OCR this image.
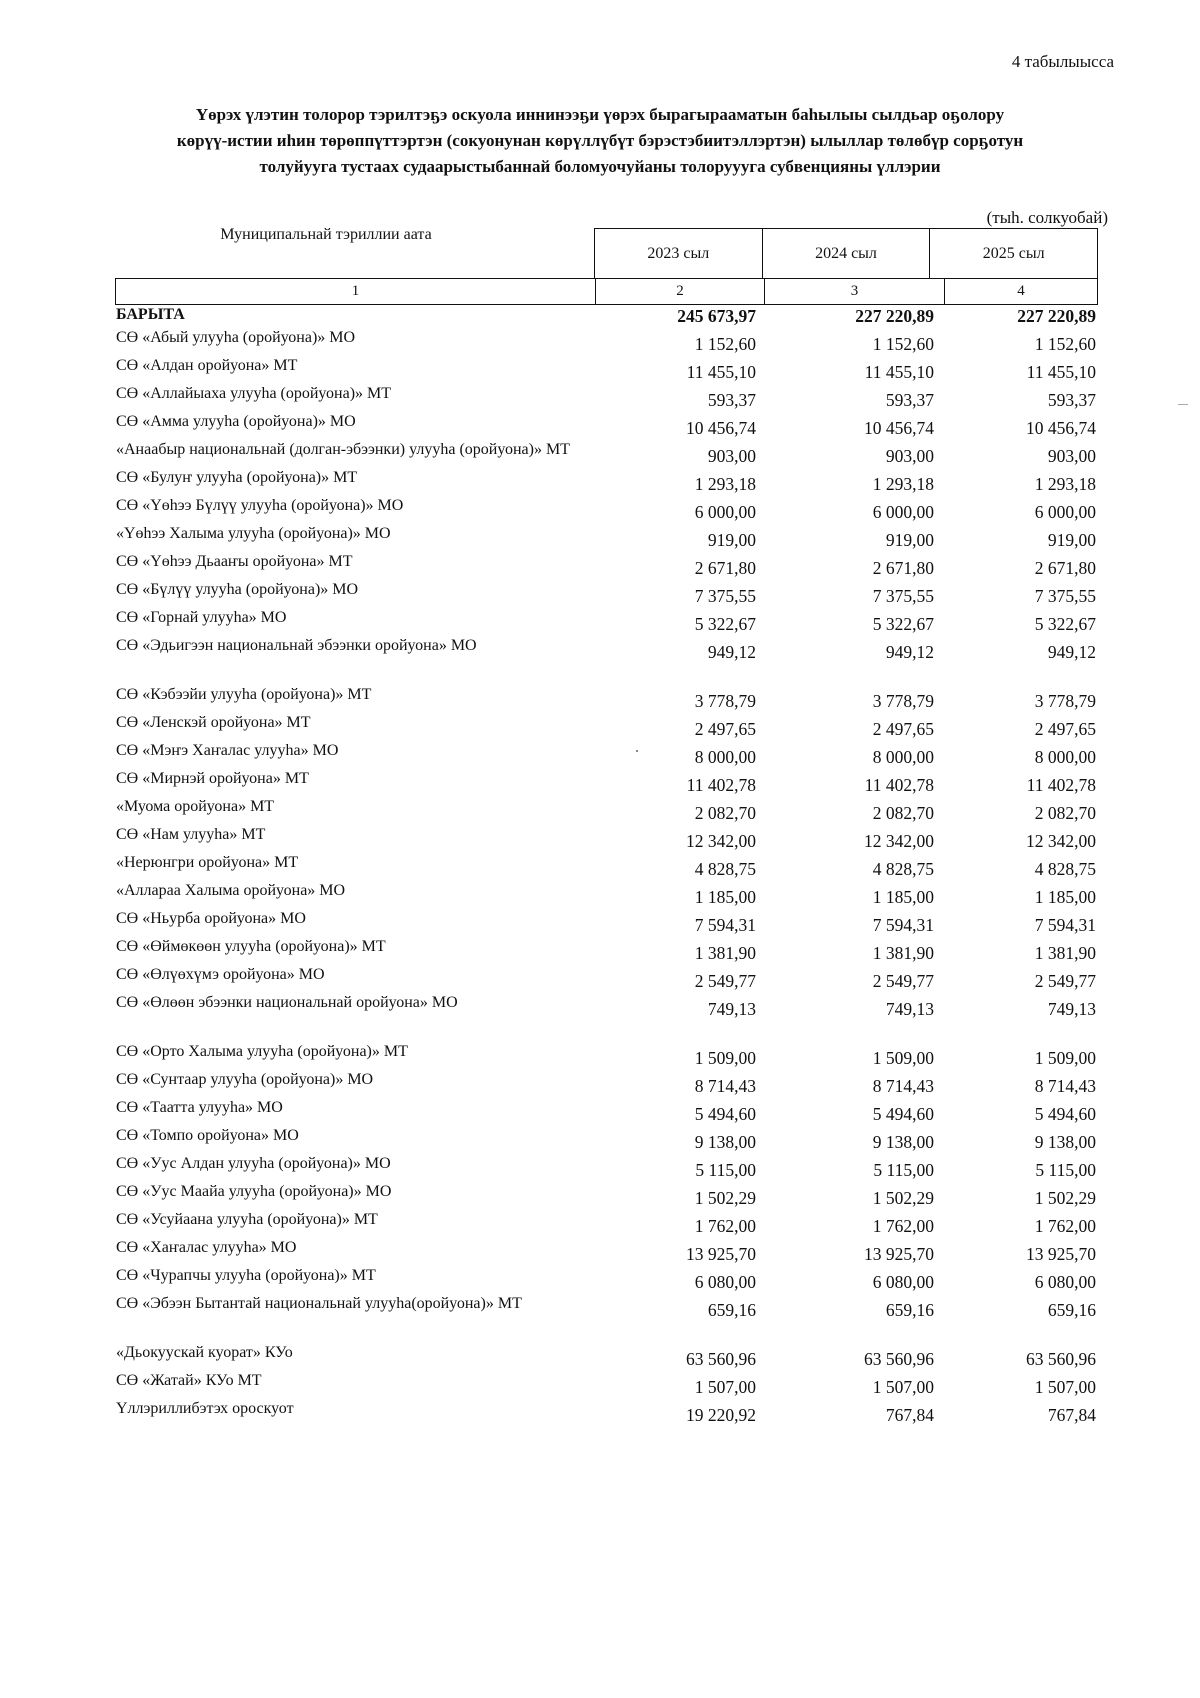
4 табылыысса
Үөрэх үлэтин толорор тэрилтэҕэ оскуола иннинээҕи үөрэх бырагырааматын баһылыы сылдьар оҕолору
көрүү-истии иһин төрөппүттэртэн (сокуонунан көрүллүбүт бэрэстэбиитэллэртэн) ылыллар төлөбүр сорҕотун
толуйууга тустаах судаарыстыбаннай боломуочуйаны толоруууга субвенцияны үллэрии
(тыһ. солкуобай)
Муниципальнай тэриллии аата
2023 сыл	2024 сыл	2025 сыл
1	2	3	4
БАРЫТА	245 673,97	227 220,89	227 220,89
СӨ «Абый улууһа (оройуона)» МО	1 152,60	1 152,60	1 152,60
СӨ «Алдан оройуона» МТ	11 455,10	11 455,10	11 455,10
СӨ «Аллайыаха улууһа (оройуона)» МТ	593,37	593,37	593,37
СӨ «Амма улууһа (оройуона)» МО	10 456,74	10 456,74	10 456,74
«Анаабыр национальнай (долган-эбээнки) улууһа (оройуона)» МТ	903,00	903,00	903,00
СӨ «Булуҥ улууһа (оройуона)» МТ	1 293,18	1 293,18	1 293,18
СӨ «Үөһээ Бүлүү улууһа (оройуона)» МО	6 000,00	6 000,00	6 000,00
«Үөһээ Халыма улууһа (оройуона)» МО	919,00	919,00	919,00
СӨ «Үөһээ Дьааҥы оройуона» МТ	2 671,80	2 671,80	2 671,80
СӨ «Бүлүү улууһа (оройуона)» МО	7 375,55	7 375,55	7 375,55
СӨ «Горнай улууһа» МО	5 322,67	5 322,67	5 322,67
СӨ «Эдьигээн национальнай эбээнки оройуона» МО	949,12	949,12	949,12
СӨ «Кэбээйи улууһа (оройуона)» МТ	3 778,79	3 778,79	3 778,79
СӨ «Ленскэй оройуона» МТ	2 497,65	2 497,65	2 497,65
СӨ «Мэҥэ Хаҥалас улууһа» МО	8 000,00	8 000,00	8 000,00
СӨ «Мирнэй оройуона» МТ	11 402,78	11 402,78	11 402,78
«Муома оройуона» МТ	2 082,70	2 082,70	2 082,70
СӨ «Нам улууһа» МТ	12 342,00	12 342,00	12 342,00
«Нерюнгри оройуона» МТ	4 828,75	4 828,75	4 828,75
«Аллараа Халыма оройуона» МО	1 185,00	1 185,00	1 185,00
СӨ «Ньурба оройуона» МО	7 594,31	7 594,31	7 594,31
СӨ «Өймөкөөн улууһа (оройуона)» МТ	1 381,90	1 381,90	1 381,90
СӨ «Өлүөхүмэ оройуона» МО	2 549,77	2 549,77	2 549,77
СӨ «Өлөөн эбээнки национальнай оройуона» МО	749,13	749,13	749,13
СӨ «Орто Халыма улууһа (оройуона)» МТ	1 509,00	1 509,00	1 509,00
СӨ «Сунтаар улууһа (оройуона)» МО	8 714,43	8 714,43	8 714,43
СӨ «Таатта улууһа» МО	5 494,60	5 494,60	5 494,60
СӨ «Томпо оройуона» МО	9 138,00	9 138,00	9 138,00
СӨ «Уус Алдан улууһа (оройуона)» МО	5 115,00	5 115,00	5 115,00
СӨ «Уус Маайа улууһа (оройуона)» МО	1 502,29	1 502,29	1 502,29
СӨ «Усуйаана улууһа (оройуона)» МТ	1 762,00	1 762,00	1 762,00
СӨ «Хаҥалас улууһа» МО	13 925,70	13 925,70	13 925,70
СӨ «Чурапчы улууһа (оройуона)» МТ	6 080,00	6 080,00	6 080,00
СӨ «Эбээн Бытантай национальнай улууһа(оройуона)» МТ	659,16	659,16	659,16
«Дьокуускай куорат» КУо	63 560,96	63 560,96	63 560,96
СӨ «Жатай» КУо МТ	1 507,00	1 507,00	1 507,00
Үллэриллибэтэх ороскуот	19 220,92	767,84	767,84
